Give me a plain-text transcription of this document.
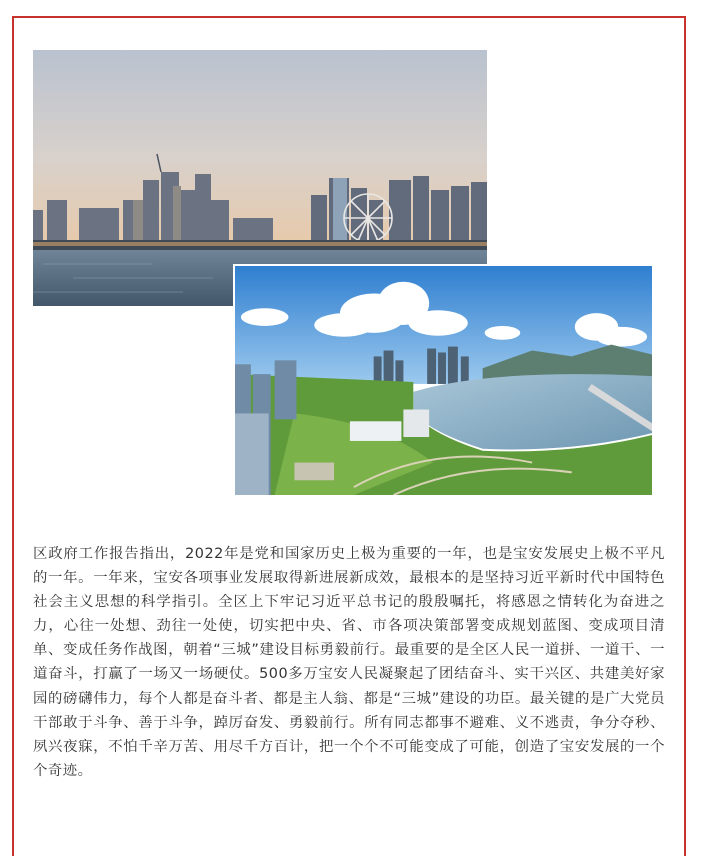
区政府工作报告指出，2022年是党和国家历史上极为重要的一年，也是宝安发展史上极不平凡的一年。一年来，宝安各项事业发展取得新进展新成效，最根本的是坚持习近平新时代中国特色社会主义思想的科学指引。全区上下牢记习近平总书记的殷殷嘱托，将感恩之情转化为奋进之力，心往一处想、劲往一处使，切实把中央、省、市各项决策部署变成规划蓝图、变成项目清单、变成任务作战图，朝着“三城”建设目标勇毅前行。最重要的是全区人民一道拼、一道干、一道奋斗，打赢了一场又一场硬仗。500多万宝安人民凝聚起了团结奋斗、实干兴区、共建美好家园的磅礴伟力，每个人都是奋斗者、都是主人翁、都是“三城”建设的功臣。最关键的是广大党员干部敢于斗争、善于斗争，踔厉奋发、勇毅前行。所有同志都事不避难、义不逃责，争分夺秒、夙兴夜寐，不怕千辛万苦、用尽千方百计，把一个个不可能变成了可能，创造了宝安发展的一个个奇迹。
